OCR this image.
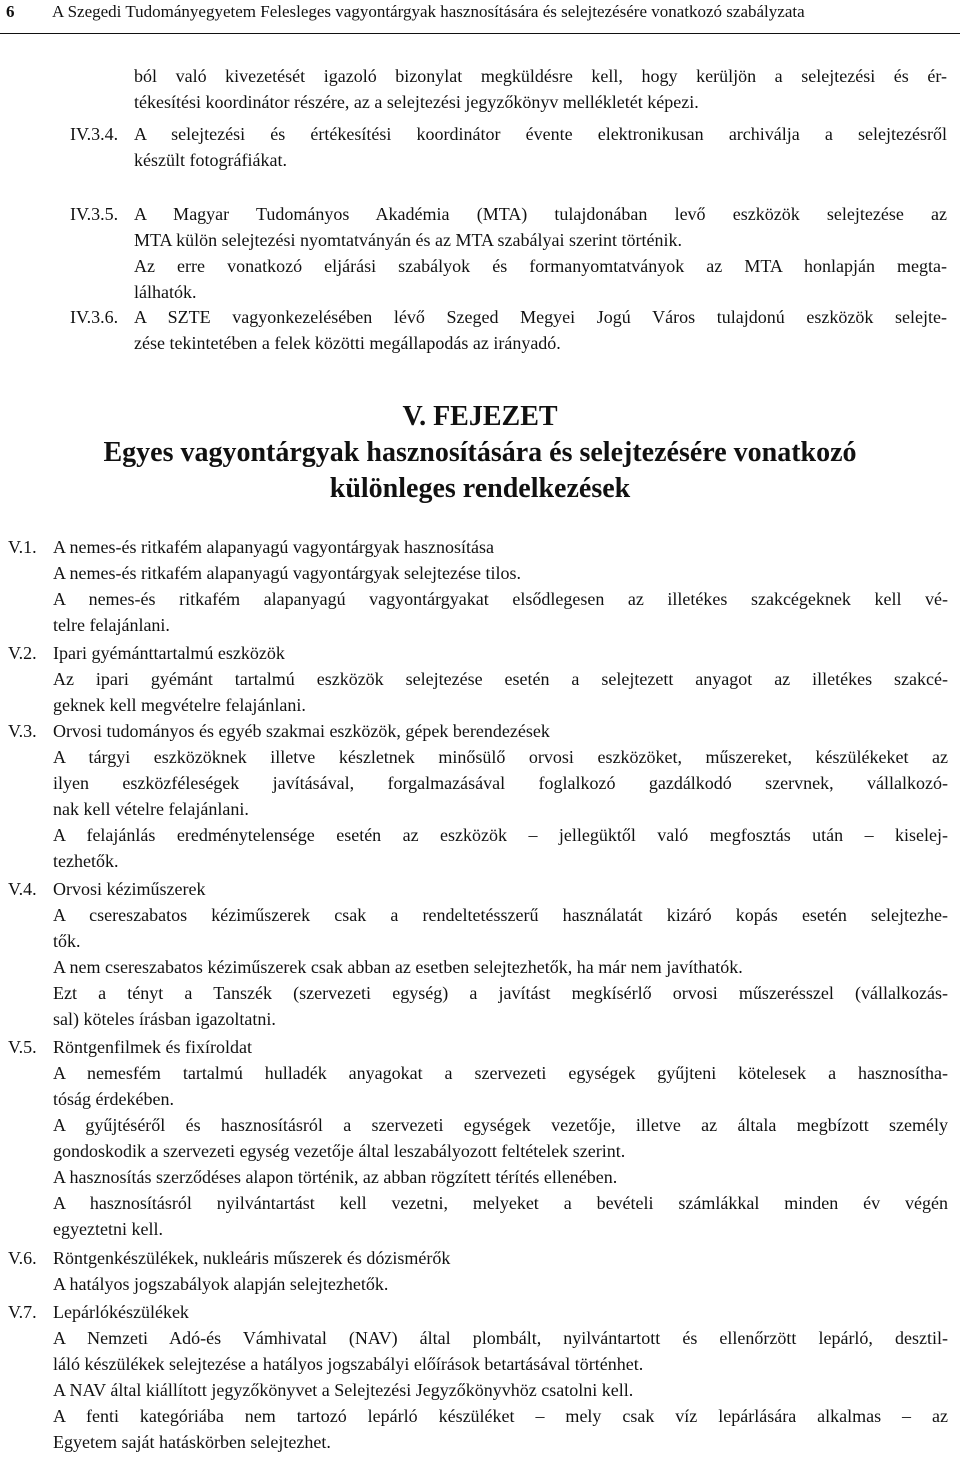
6 A Szegedi Tudományegyetem Felesleges vagyontárgyak hasznosítására és selejtezésére vonatkozó szabályzata
ból való kivezetését igazoló bizonylat megküldésre kell, hogy kerüljön a selejtezési és ér-
tékesítési koordinátor részére, az a selejtezési jegyzőkönyv mellékletét képezi.
IV.3.4. A selejtezési és értékesítési koordinátor évente elektronikusan archiválja a selejtezésről
készült fotográfiákat.
IV.3.5. A Magyar Tudományos Akadémia (MTA) tulajdonában levő eszközök selejtezése az
MTA külön selejtezési nyomtatványán és az MTA szabályai szerint történik.
Az erre vonatkozó eljárási szabályok és formanyomtatványok az MTA honlapján megta-
lálhatók.
IV.3.6. A SZTE vagyonkezelésében lévő Szeged Megyei Jogú Város tulajdonú eszközök selejte-
zése tekintetében a felek közötti megállapodás az irányadó.
V. FEJEZET
Egyes vagyontárgyak hasznosítására és selejtezésére vonatkozó
különleges rendelkezések
V.1. A nemes-és ritkafém alapanyagú vagyontárgyak hasznosítása
A nemes-és ritkafém alapanyagú vagyontárgyak selejtezése tilos.
A nemes-és ritkafém alapanyagú vagyontárgyakat elsődlegesen az illetékes szakcégeknek kell vé-
telre felajánlani.
V.2. Ipari gyémánttartalmú eszközök
Az ipari gyémánt tartalmú eszközök selejtezése esetén a selejtezett anyagot az illetékes szakcé-
geknek kell megvételre felajánlani.
V.3. Orvosi tudományos és egyéb szakmai eszközök, gépek berendezések
A tárgyi eszközöknek illetve készletnek minősülő orvosi eszközöket, műszereket, készülékeket az
ilyen eszközféleségek javításával, forgalmazásával foglalkozó gazdálkodó szervnek, vállalkozó-
nak kell vételre felajánlani.
A felajánlás eredménytelensége esetén az eszközök – jellegüktől való megfosztás után – kiselej-
tezhetők.
V.4. Orvosi kéziműszerek
A csereszabatos kéziműszerek csak a rendeltetésszerű használatát kizáró kopás esetén selejtezhe-
tők.
A nem csereszabatos kéziműszerek csak abban az esetben selejtezhetők, ha már nem javíthatók.
Ezt a tényt a Tanszék (szervezeti egység) a javítást megkísérlő orvosi műszerésszel (vállalkozás-
sal) köteles írásban igazoltatni.
V.5. Röntgenfilmek és fixíroldat
A nemesfém tartalmú hulladék anyagokat a szervezeti egységek gyűjteni kötelesek a hasznosítha-
tóság érdekében.
A gyűjtéséről és hasznosításról a szervezeti egységek vezetője, illetve az általa megbízott személy
gondoskodik a szervezeti egység vezetője által leszabályozott feltételek szerint.
A hasznosítás szerződéses alapon történik, az abban rögzített térítés ellenében.
A hasznosításról nyilvántartást kell vezetni, melyeket a bevételi számlákkal minden év végén
egyeztetni kell.
V.6. Röntgenkészülékek, nukleáris műszerek és dózismérők
A hatályos jogszabályok alapján selejtezhetők.
V.7. Lepárlókészülékek
A Nemzeti Adó-és Vámhivatal (NAV) által plombált, nyilvántartott és ellenőrzött lepárló, desztil-
láló készülékek selejtezése a hatályos jogszabályi előírások betartásával történhet.
A NAV által kiállított jegyzőkönyvet a Selejtezési Jegyzőkönyvhöz csatolni kell.
A fenti kategóriába nem tartozó lepárló készüléket – mely csak víz lepárlására alkalmas – az
Egyetem saját hatáskörben selejtezhet.
